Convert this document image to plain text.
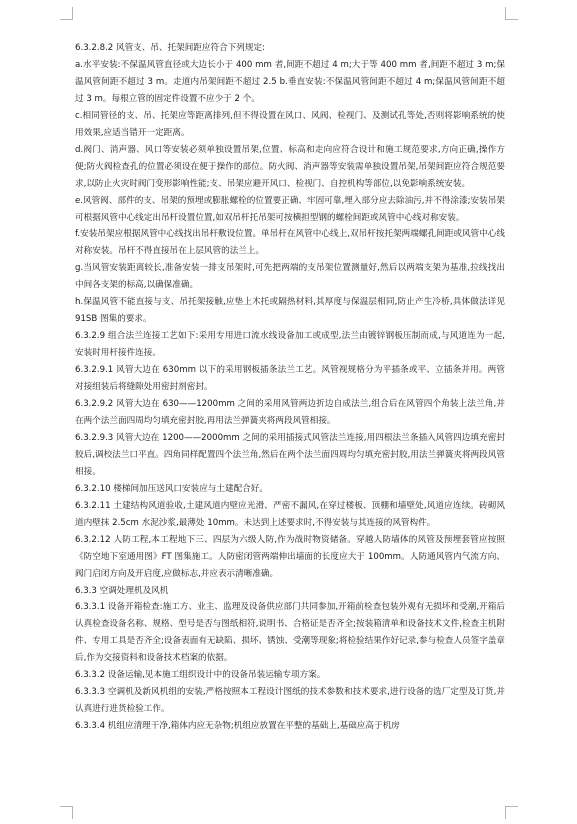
6.3.2.8.2 风管支、吊、托架间距应符合下列规定:

a.水平安装:不保温风管直径或大边长小于 400 mm 者,间距不超过 4 m;大于等 400 mm 者,间距不超过 3 m;保温风管间距不超过 3 m。走道内吊架间距不超过 2.5 b.垂直安装:不保温风管间距不超过 4 m;保温风管间距不超过 3 m。每根立管的固定件设置不应少于 2 个。

c.相同管径的支、吊、托架应等距离排列,但不得设置在风口、风阀、检视门、及测试孔等处,否则将影响系统的使用效果,应适当错开一定距离。

d.阀门、消声器、风口等安装必须单独设置吊架,位置、标高和走向应符合设计和施工规范要求,方向正确,操作方便;防火阀检查孔的位置必须设在便于操作的部位。防火阀、消声器等安装需单独设置吊架,吊架间距应符合规范要求,以防止火灾时阀门变形影响性能;支、吊架应避开风口、检视门、自控机构等部位,以免影响系统安装。

e.风管阀、部件的支、吊架的预埋或膨胀螺栓的位置要正确、牢固可靠,埋入部分应去除油污,并不得涂漆;安装吊架可根据风管中心线定出吊杆设置位置,如双吊杆托吊架可按横担型钢的螺栓间距或风管中心线对称安装。

f.安装吊架应根据风管中心线找出吊杆敷设位置。单吊杆在风管中心线上,双吊杆按托架两端螺孔间距或风管中心线对称安装。吊杆不得直接吊在上层风管的法兰上。

g.当风管安装距离较长,准备安装一排支吊架时,可先把两端的支吊架位置测量好,然后以两端支架为基准,拉线找出中间各支架的标高,以确保准确。

h.保温风管不能直接与支、吊托架接触,应垫上木托或隔热材料,其厚度与保温层相同,防止产生冷桥,具体做法详见 91SB 图集的要求。

6.3.2.9 组合法兰连接工艺如下:采用专用进口流水线设备加工或成型,法兰由镀锌钢板压制而成,与风道连为一起,安装时用杆接件连接。

6.3.2.9.1 风管大边在 630mm 以下的采用钢板插条法兰工艺。风管视规格分为平插条或平、立插条并用。两管对接组装后将缝隙处用密封剂密封。

6.3.2.9.2 风管大边在 630——1200mm 之间的采用风管两边折边自成法兰,组合后在风管四个角装上法兰角,并在两个法兰面四周均匀填充密封胶,再用法兰弹簧夹将两段风管相接。

6.3.2.9.3 风管大边在 1200——2000mm 之间的采用插接式风管法兰连接,用四根法兰条插入风管四边填充密封胶后,调校法兰口平直。四角同样配置四个法兰角,然后在两个法兰面四周均匀填充密封胶,用法兰弹簧夹将两段风管相接。

6.3.2.10 楼梯间加压送风口安装应与土建配合好。

6.3.2.11 土建结构风道验收,土建风道内壁应光滑、严密不漏风,在穿过楼板、顶棚和墙壁处,风道应连续。砖砌风道内壁抹 2.5cm 水泥沙浆,最薄处 10mm。未达到上述要求时,不得安装与其连接的风管构件。

6.3.2.12 人防工程,本工程地下三、四层为六级人防,作为战时物资储备。穿越人防墙体的风管及预埋套管应按照《防空地下室通用图》FT 图集施工。人防密闭管两端伸出墙面的长度应大于 100mm。人防通风管内气流方向、阀门启闭方向及开启度,应做标志,并应表示清晰准确。

6.3.3 空调处理机及风机

6.3.3.1 设备开箱检查:施工方、业主、监理及设备供应部门共同参加,开箱前检查包装外观有无损坏和受潮,开箱后认真检查设备名称、规格、型号是否与图纸相符,说明书、合格证是否齐全;按装箱清单和设备技术文件,检查主机附件、专用工具是否齐全;设备表面有无缺陷、损坏、锈蚀、受潮等现象;将检验结果作好记录,参与检查人员签字盖章后,作为交接资料和设备技术档案的依据。

6.3.3.2 设备运输,见本施工组织设计中的设备吊装运输专项方案。

6.3.3.3 空调机及新风机组的安装,严格按照本工程设计图纸的技术参数和技术要求,进行设备的选厂定型及订货,并认真进行进货检验工作。

6.3.3.4 机组应清理干净,箱体内应无杂物;机组应放置在平整的基础上,基础应高于机房
